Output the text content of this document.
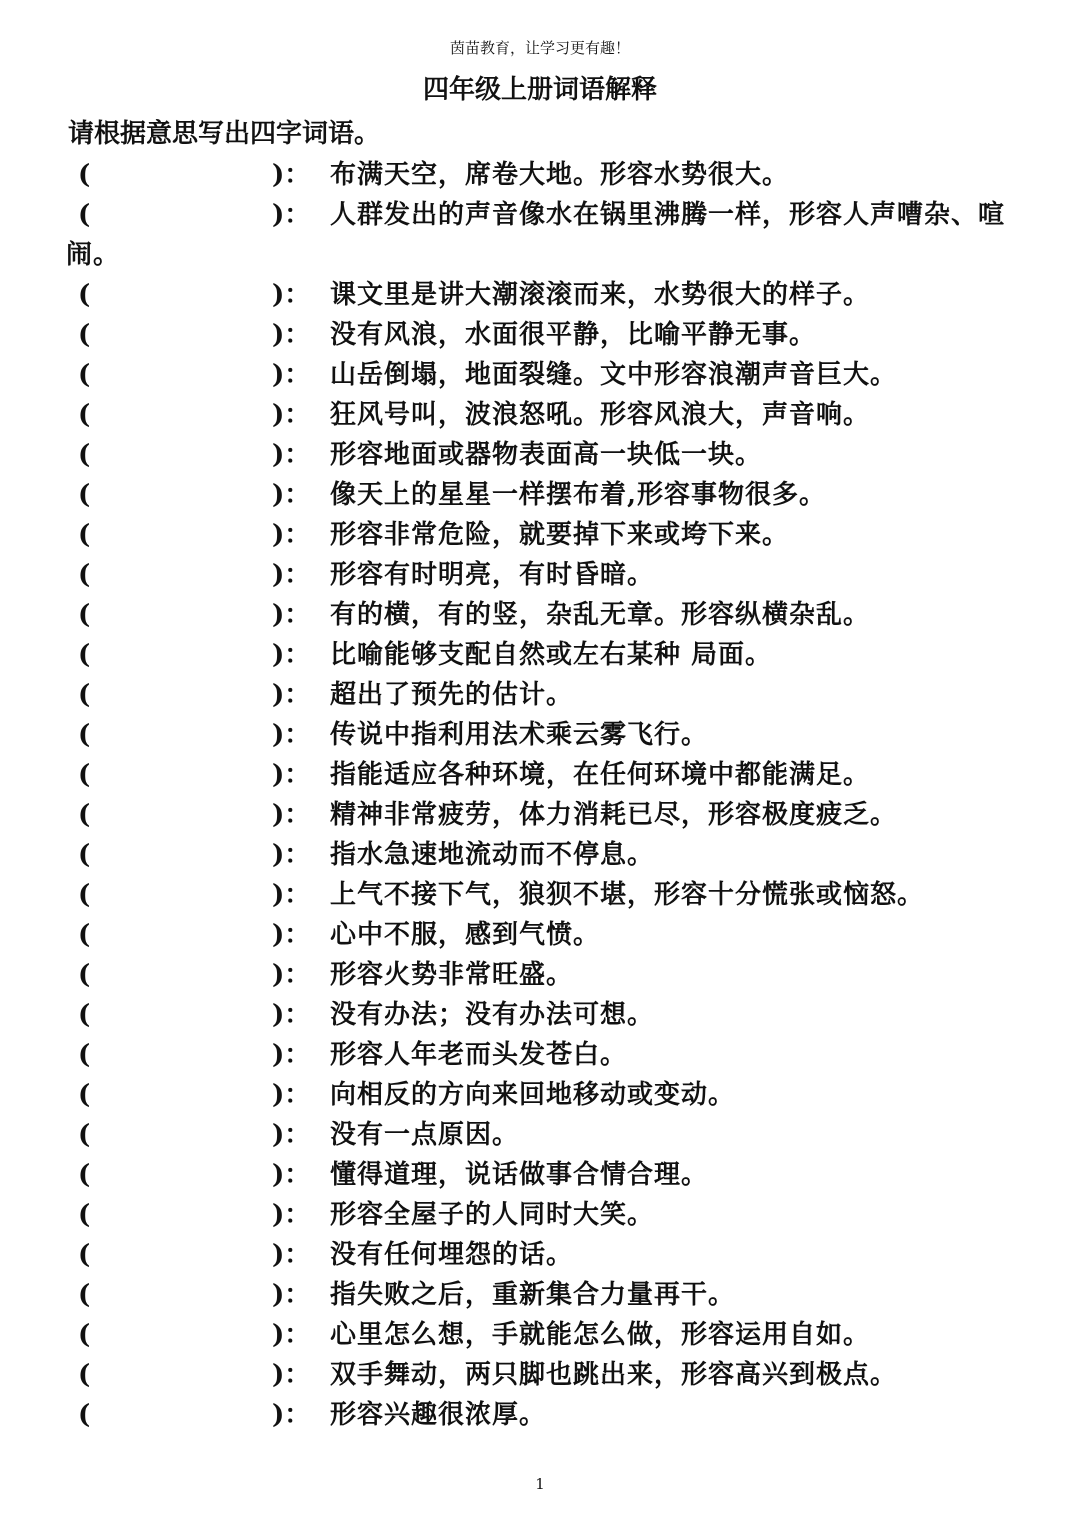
茵苗教育，让学习更有趣！
四年级上册词语解释
请根据意思写出四字词语。
(	)： 布满天空，席卷大地。形容水势很大。
(	)： 人群发出的声音像水在锅里沸腾一样，形容人声嘈杂、喧闹。
(	)： 课文里是讲大潮滚滚而来，水势很大的样子。
(	)： 没有风浪，水面很平静，比喻平静无事。
(	)： 山岳倒塌，地面裂缝。文中形容浪潮声音巨大。
(	)： 狂风号叫，波浪怒吼。形容风浪大，声音响。
(	)： 形容地面或器物表面高一块低一块。
(	)： 像天上的星星一样摆布着,形容事物很多。
(	)： 形容非常危险，就要掉下来或垮下来。
(	)： 形容有时明亮，有时昏暗。
(	)： 有的横，有的竖，杂乱无章。形容纵横杂乱。
(	)： 比喻能够支配自然或左右某种 局面。
(	)： 超出了预先的估计。
(	)： 传说中指利用法术乘云雾飞行。
(	)： 指能适应各种环境，在任何环境中都能满足。
(	)： 精神非常疲劳，体力消耗已尽，形容极度疲乏。
(	)： 指水急速地流动而不停息。
(	)： 上气不接下气，狼狈不堪，形容十分慌张或恼怒。
(	)： 心中不服，感到气愤。
(	)： 形容火势非常旺盛。
(	)： 没有办法；没有办法可想。
(	)： 形容人年老而头发苍白。
(	)： 向相反的方向来回地移动或变动。
(	)： 没有一点原因。
(	)： 懂得道理，说话做事合情合理。
(	)： 形容全屋子的人同时大笑。
(	)： 没有任何埋怨的话。
(	)： 指失败之后，重新集合力量再干。
(	)： 心里怎么想，手就能怎么做，形容运用自如。
(	)： 双手舞动，两只脚也跳出来，形容高兴到极点。
(	)： 形容兴趣很浓厚。
1
